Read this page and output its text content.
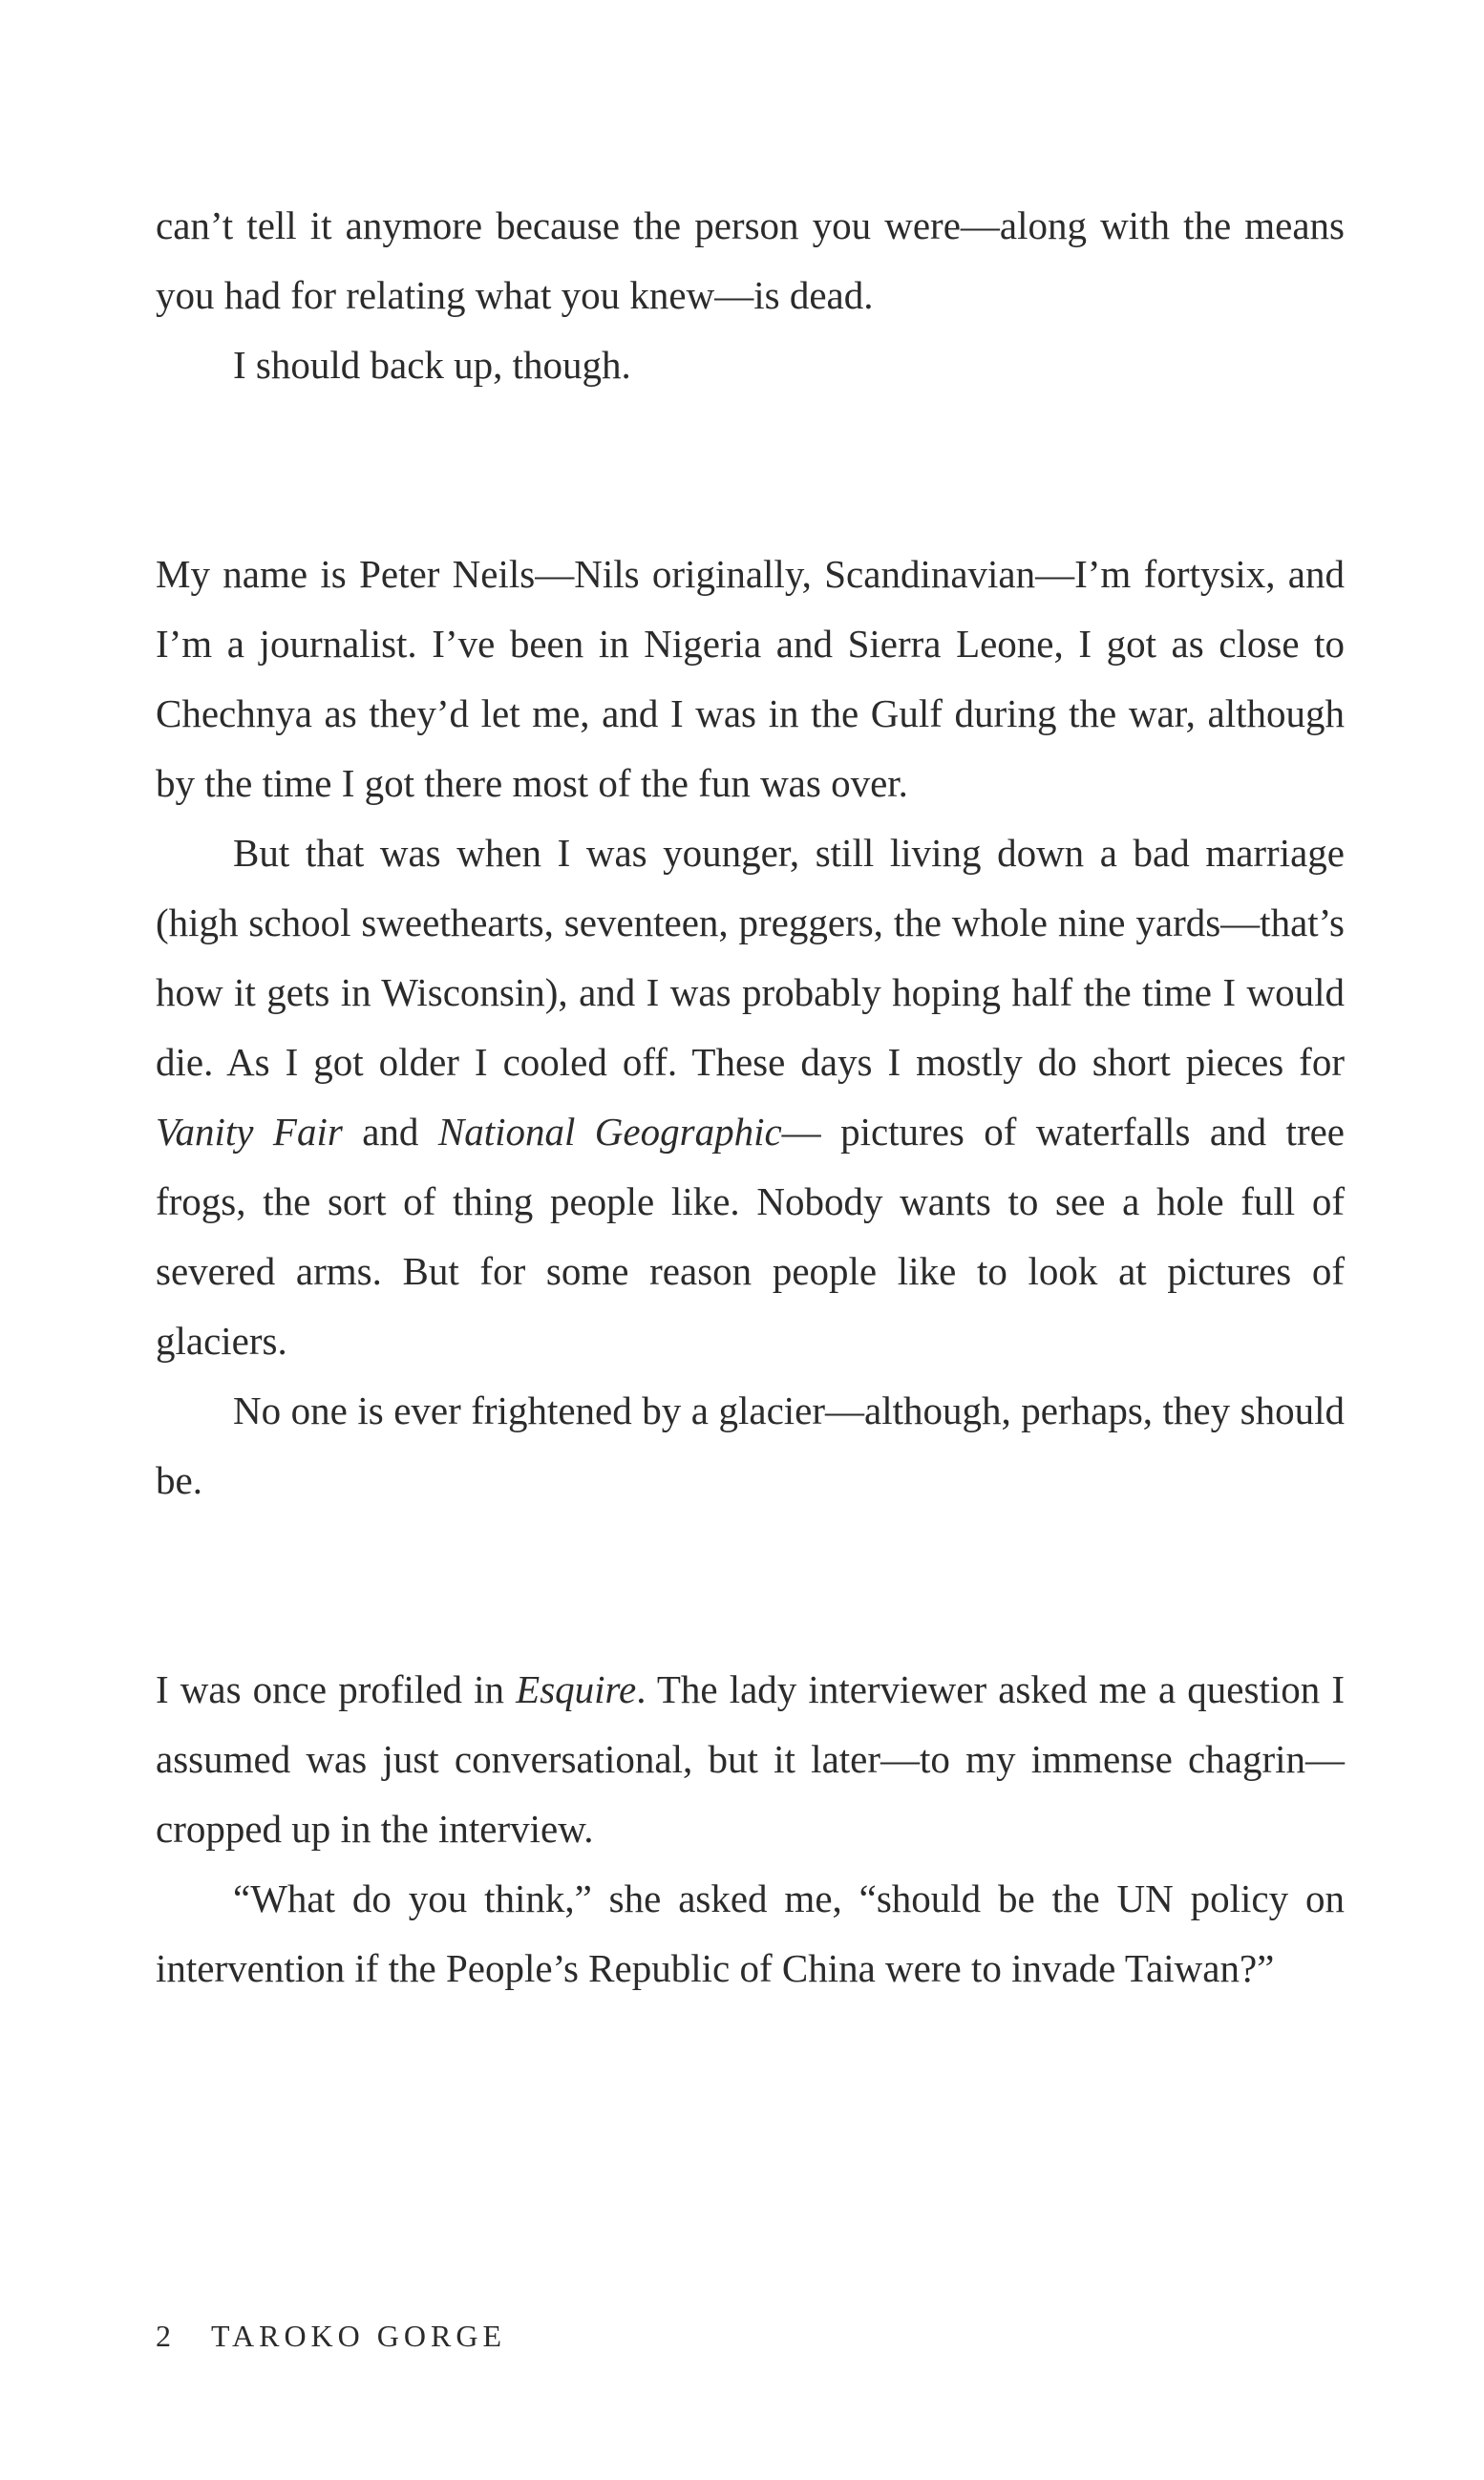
can’t tell it anymore because the person you were—along with the means you had for relating what you knew—is dead.

I should back up, though.

My name is Peter Neils—Nils originally, Scandinavian—I’m fortysix, and I’m a journalist. I’ve been in Nigeria and Sierra Leone, I got as close to Chechnya as they’d let me, and I was in the Gulf during the war, although by the time I got there most of the fun was over.

But that was when I was younger, still living down a bad marriage (high school sweethearts, seventeen, preggers, the whole nine yards—that’s how it gets in Wisconsin), and I was probably hoping half the time I would die. As I got older I cooled off. These days I mostly do short pieces for Vanity Fair and National Geographic— pictures of waterfalls and tree frogs, the sort of thing people like. Nobody wants to see a hole full of severed arms. But for some reason people like to look at pictures of glaciers.

No one is ever frightened by a glacier—although, perhaps, they should be.

I was once profiled in Esquire. The lady interviewer asked me a question I assumed was just conversational, but it later—to my immense chagrin—cropped up in the interview.

“What do you think,” she asked me, “should be the UN policy on intervention if the People’s Republic of China were to invade Taiwan?”

2 TAROKO GORGE
